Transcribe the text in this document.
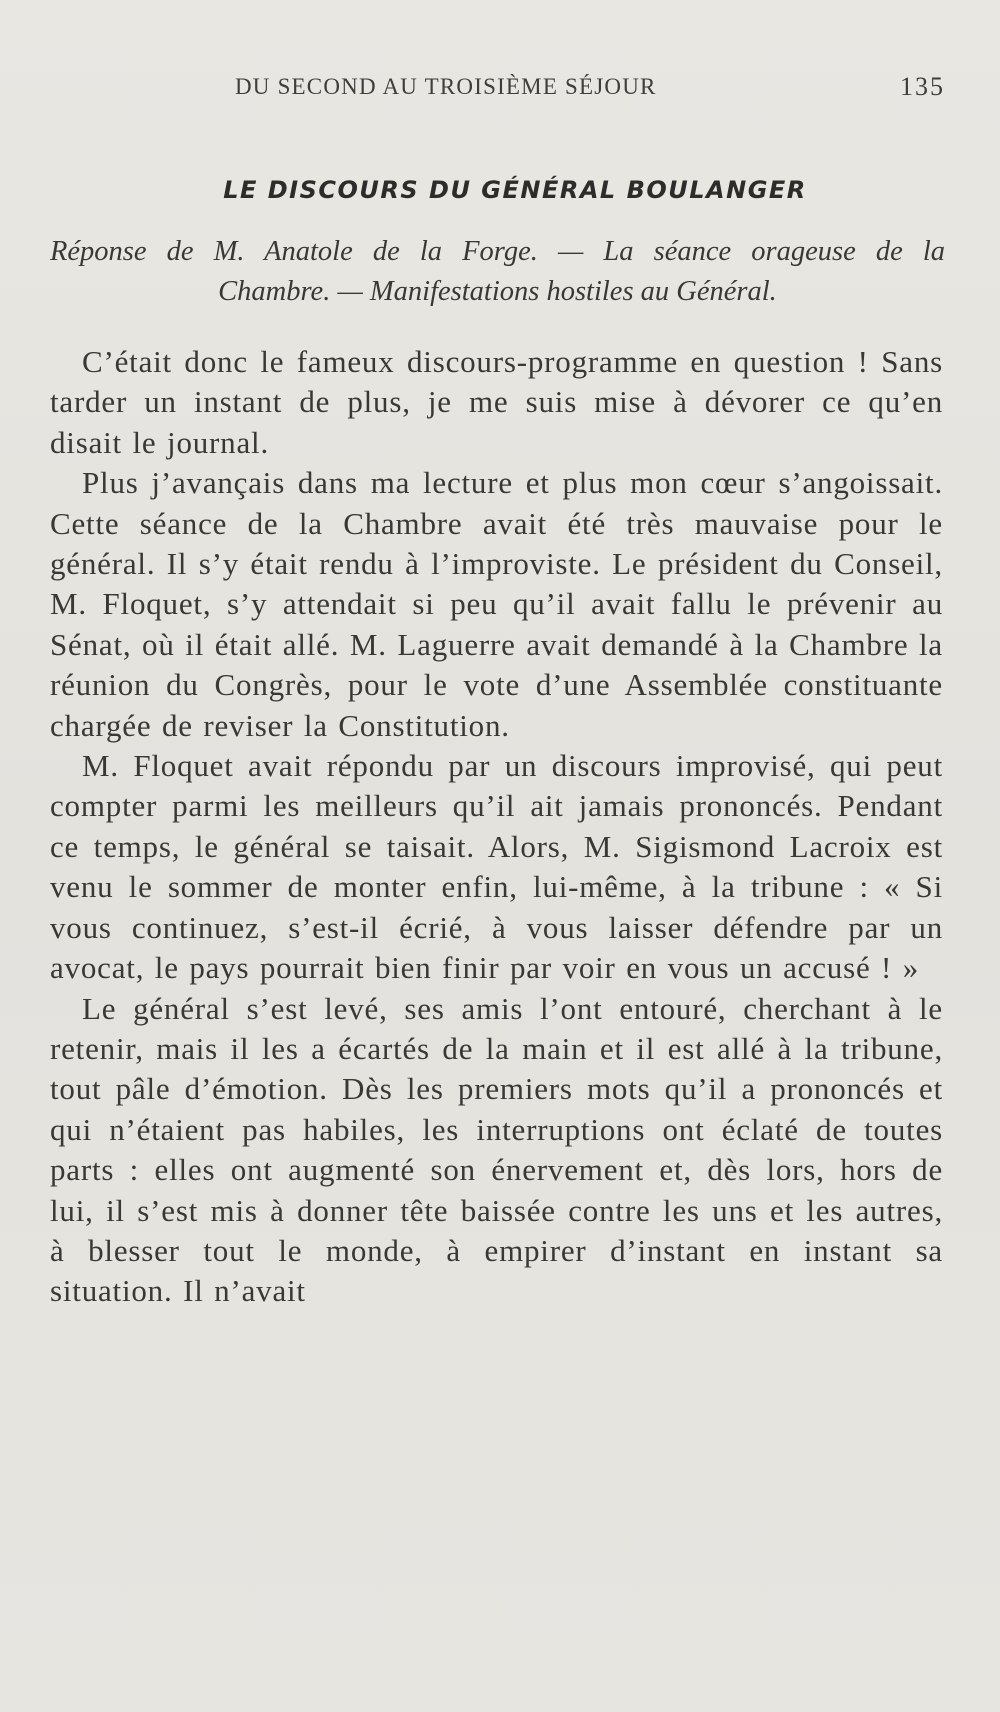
DU SECOND AU TROISIÈME SÉJOUR	135
LE DISCOURS DU GÉNÉRAL BOULANGER
Réponse de M. Anatole de la Forge. — La séance orageuse de la
Chambre. — Manifestations hostiles au Général.

C’était donc le fameux discours-programme en question ! Sans tarder un instant de plus, je me suis mise à dévorer ce qu’en disait le journal.

Plus j’avançais dans ma lecture et plus mon cœur s’angoissait. Cette séance de la Chambre avait été très mauvaise pour le général. Il s’y était rendu à l’improviste. Le président du Conseil, M. Floquet, s’y attendait si peu qu’il avait fallu le prévenir au Sénat, où il était allé. M. Laguerre avait demandé à la Chambre la réunion du Congrès, pour le vote d’une Assemblée constituante chargée de reviser la Constitution.

M. Floquet avait répondu par un discours improvisé, qui peut compter parmi les meilleurs qu’il ait jamais prononcés. Pendant ce temps, le général se taisait. Alors, M. Sigismond Lacroix est venu le sommer de monter enfin, lui-même, à la tribune : « Si vous continuez, s’est-il écrié, à vous laisser défendre par un avocat, le pays pourrait bien finir par voir en vous un accusé ! »

Le général s’est levé, ses amis l’ont entouré, cherchant à le retenir, mais il les a écartés de la main et il est allé à la tribune, tout pâle d’émotion. Dès les premiers mots qu’il a prononcés et qui n’étaient pas habiles, les interruptions ont éclaté de toutes parts : elles ont augmenté son énervement et, dès lors, hors de lui, il s’est mis à donner tête baissée contre les uns et les autres, à blesser tout le monde, à empirer d’instant en instant sa situation. Il n’avait
